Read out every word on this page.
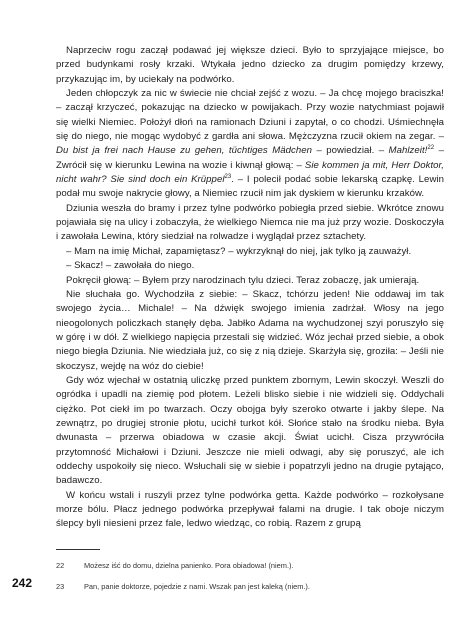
Naprzeciw rogu zaczął podawać jej większe dzieci. Było to sprzyjające miejsce, bo przed budynkami rosły krzaki. Wtykała jedno dziecko za drugim pomiędzy krzewy, przykazując im, by uciekały na podwórko.

Jeden chłopczyk za nic w świecie nie chciał zejść z wozu. – Ja chcę mojego braciszka! – zaczął krzyczeć, pokazując na dziecko w powijakach. Przy wozie natychmiast pojawił się wielki Niemiec. Położył dłoń na ramionach Dziuni i zapytał, o co chodzi. Uśmiechnęła się do niego, nie mogąc wydobyć z gardła ani słowa. Mężczyzna rzucił okiem na zegar. – Du bist ja frei nach Hause zu gehen, tüchtiges Mädchen – powiedział. – Mahlzeit!$^{22}$ – Zwrócił się w kierunku Lewina na wozie i kiwnął głową: – Sie kommen ja mit, Herr Doktor, nicht wahr? Sie sind doch ein Krüppel$^{23}$. – I polecił podać sobie lekarską czapkę. Lewin podał mu swoje nakrycie głowy, a Niemiec rzucił nim jak dyskiem w kierunku krzaków.

Dziunia weszła do bramy i przez tylne podwórko pobiegła przed siebie. Wkrótce znowu pojawiała się na ulicy i zobaczyła, że wielkiego Niemca nie ma już przy wozie. Doskoczyła i zawołała Lewina, który siedział na rolwadze i wyglądał przez sztachety.

– Mam na imię Michał, zapamiętasz? – wykrzyknął do niej, jak tylko ją zauważył.

– Skacz! – zawołała do niego.

Pokręcił głową: – Byłem przy narodzinach tylu dzieci. Teraz zobaczę, jak umierają.

Nie słuchała go. Wychodziła z siebie: – Skacz, tchórzu jeden! Nie oddawaj im tak swojego życia… Michale! – Na dźwięk swojego imienia zadrżał. Włosy na jego nieogolonych policzkach stanęły dęba. Jabłko Adama na wychudzonej szyi poruszyło się w górę i w dół. Z wielkiego napięcia przestali się widzieć. Wóz jechał przed siebie, a obok niego biegła Dziunia. Nie wiedziała już, co się z nią dzieje. Skarżyła się, groziła: – Jeśli nie skoczysz, wejdę na wóz do ciebie!

Gdy wóz wjechał w ostatnią uliczkę przed punktem zbornym, Lewin skoczył. Weszli do ogródka i upadli na ziemię pod płotem. Leżeli blisko siebie i nie widzieli się. Oddychali ciężko. Pot ciekł im po twarzach. Oczy obojga były szeroko otwarte i jakby ślepe. Na zewnątrz, po drugiej stronie płotu, ucichł turkot kół. Słońce stało na środku nieba. Była dwunasta – przerwa obiadowa w czasie akcji. Świat ucichł. Cisza przywróciła przytomność Michałowi i Dziuni. Jeszcze nie mieli odwagi, aby się poruszyć, ale ich oddechy uspokoiły się nieco. Wsłuchali się w siebie i popatrzyli jedno na drugie pytająco, badawczo.

W końcu wstali i ruszyli przez tylne podwórka getta. Każde podwórko – rozkołysane morze bólu. Płacz jednego podwórka przepływał falami na drugie. I tak oboje niczym ślepcy byli niesieni przez fale, ledwo wiedząc, co robią. Razem z grupą

22	Możesz iść do domu, dzielna panienko. Pora obiadowa! (niem.).
23	Pan, panie doktorze, pojedzie z nami. Wszak pan jest kaleką (niem.).
242
